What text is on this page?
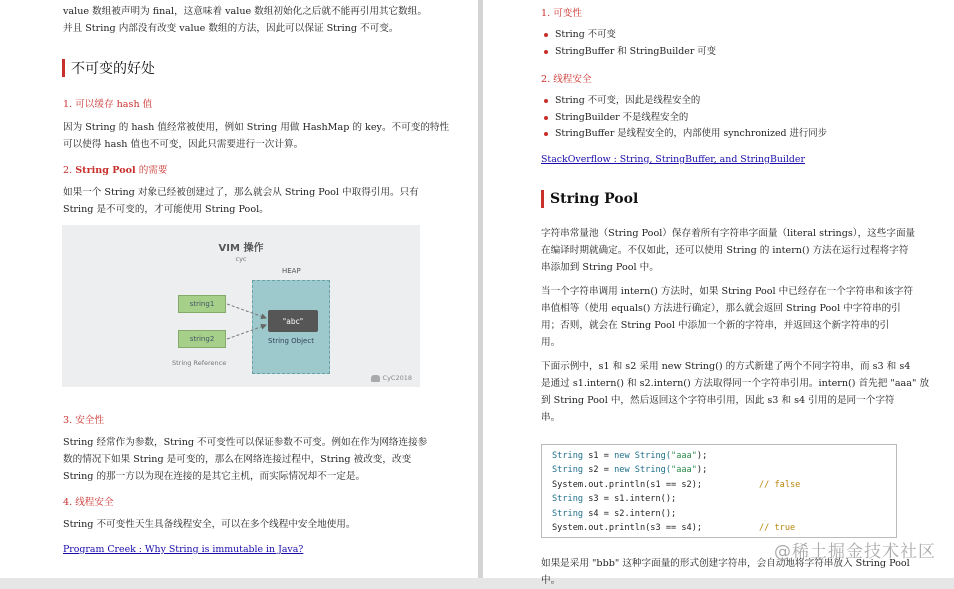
value 数组被声明为 final，这意味着 value 数组初始化之后就不能再引用其它数组。
并且 String 内部没有改变 value 数组的方法，因此可以保证 String 不可变。
不可变的好处
1. 可以缓存 hash 值
因为 String 的 hash 值经常被使用，例如 String 用做 HashMap 的 key。不可变的特性
可以使得 hash 值也不可变，因此只需要进行一次计算。
2. String Pool 的需要
如果一个 String 对象已经被创建过了，那么就会从 String Pool 中取得引用。只有
String 是不可变的，才可能使用 String Pool。
VIM 操作
cyc
HEAP
"abc"
String Object
string1
string2
String Reference
CyC2018
3. 安全性
String 经常作为参数，String 不可变性可以保证参数不可变。例如在作为网络连接参
数的情况下如果 String 是可变的，那么在网络连接过程中，String 被改变，改变
String 的那一方以为现在连接的是其它主机，而实际情况却不一定是。
4. 线程安全
String 不可变性天生具备线程安全，可以在多个线程中安全地使用。
Program Creek : Why String is immutable in Java?
1. 可变性
String 不可变
StringBuffer 和 StringBuilder 可变
2. 线程安全
String 不可变，因此是线程安全的
StringBuilder 不是线程安全的
StringBuffer 是线程安全的，内部使用 synchronized 进行同步
StackOverflow : String, StringBuffer, and StringBuilder
String Pool
字符串常量池（String Pool）保存着所有字符串字面量（literal strings），这些字面量
在编译时期就确定。不仅如此，还可以使用 String 的 intern() 方法在运行过程将字符
串添加到 String Pool 中。
当一个字符串调用 intern() 方法时，如果 String Pool 中已经存在一个字符串和该字符
串值相等（使用 equals() 方法进行确定），那么就会返回 String Pool 中字符串的引
用；否则，就会在 String Pool 中添加一个新的字符串，并返回这个新字符串的引
用。
下面示例中，s1 和 s2 采用 new String() 的方式新建了两个不同字符串，而 s3 和 s4
是通过 s1.intern() 和 s2.intern() 方法取得同一个字符串引用。intern() 首先把 "aaa" 放
到 String Pool 中，然后返回这个字符串引用，因此 s3 和 s4 引用的是同一个字符
串。
String s1 = new String("aaa");
String s2 = new String("aaa");
System.out.println(s1 == s2);	// false
String s3 = s1.intern();
String s4 = s2.intern();
System.out.println(s3 == s4);	// true
如果是采用 "bbb" 这种字面量的形式创建字符串，会自动地将字符串放入 String Pool
中。
@稀土掘金技术社区
